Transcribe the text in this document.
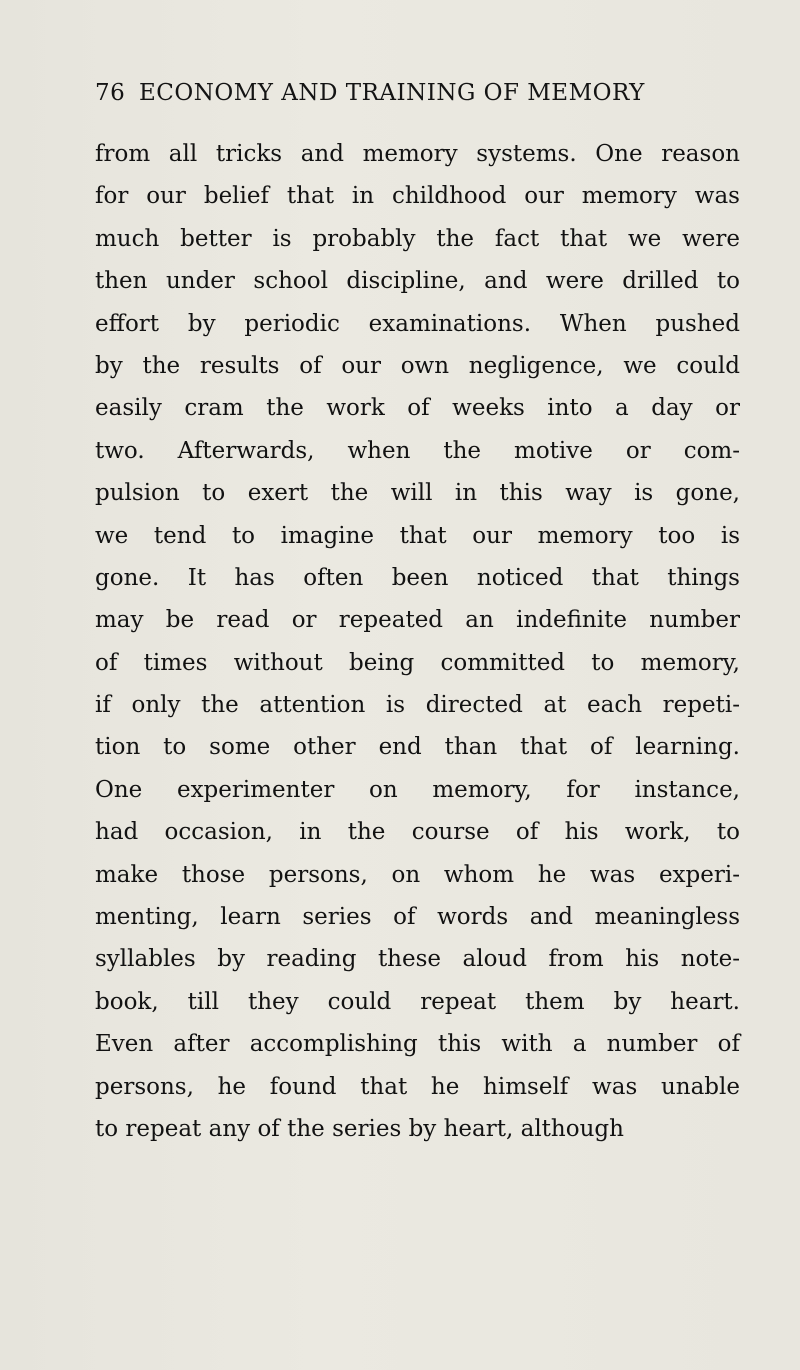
76 ECONOMY AND TRAINING OF MEMORY
from all tricks and memory systems. One reason
for our belief that in childhood our memory was
much better is probably the fact that we were
then under school discipline, and were drilled to
effort by periodic examinations. When pushed
by the results of our own negligence, we could
easily cram the work of weeks into a day or
two. Afterwards, when the motive or com-
pulsion to exert the will in this way is gone,
we tend to imagine that our memory too is
gone. It has often been noticed that things
may be read or repeated an indefinite number
of times without being committed to memory,
if only the attention is directed at each repeti-
tion to some other end than that of learning.
One experimenter on memory, for instance,
had occasion, in the course of his work, to
make those persons, on whom he was experi-
menting, learn series of words and meaningless
syllables by reading these aloud from his note-
book, till they could repeat them by heart.
Even after accomplishing this with a number of
persons, he found that he himself was unable
to repeat any of the series by heart, although
